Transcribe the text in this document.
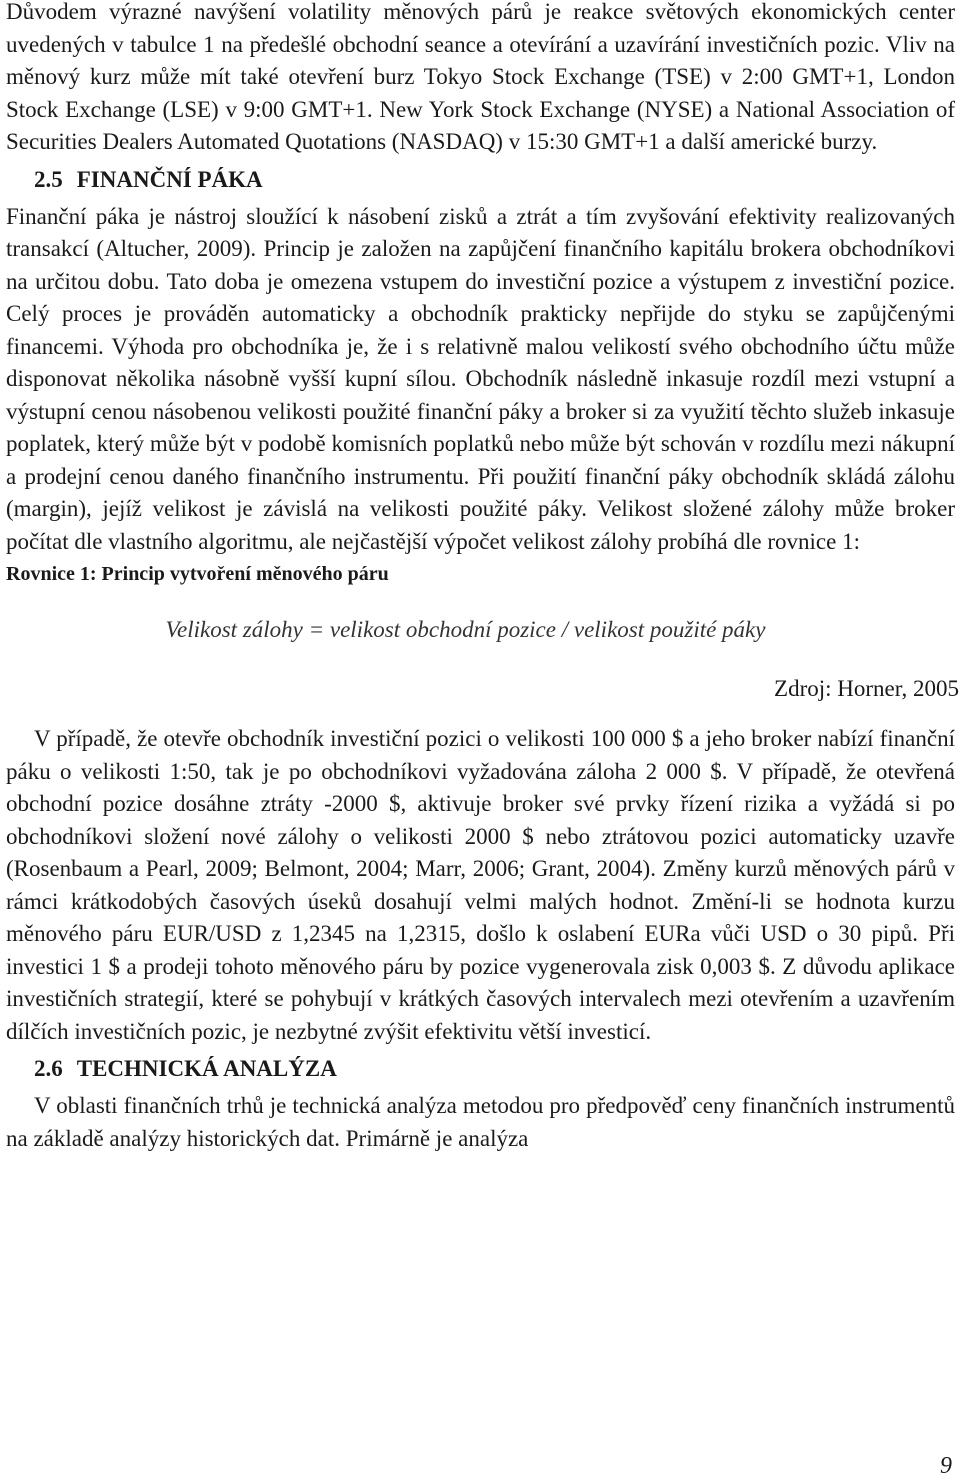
Důvodem výrazné navýšení volatility měnových párů je reakce světových ekonomických center uvedených v tabulce 1 na předešlé obchodní seance a otevírání a uzavírání investičních pozic. Vliv na měnový kurz může mít také otevření burz Tokyo Stock Exchange (TSE) v 2:00 GMT+1, London Stock Exchange (LSE) v 9:00 GMT+1. New York Stock Exchange (NYSE) a National Association of Securities Dealers Automated Quotations (NASDAQ) v 15:30 GMT+1 a další americké burzy.

2.5 FINANČNÍ PÁKA

Finanční páka je nástroj sloužící k násobení zisků a ztrát a tím zvyšování efektivity realizovaných transakcí (Altucher, 2009). Princip je založen na zapůjčení finančního kapitálu brokera obchodníkovi na určitou dobu. Tato doba je omezena vstupem do investiční pozice a výstupem z investiční pozice. Celý proces je prováděn automaticky a obchodník prakticky nepřijde do styku se zapůjčenými financemi. Výhoda pro obchodníka je, že i s relativně malou velikostí svého obchodního účtu může disponovat několika násobně vyšší kupní sílou. Obchodník následně inkasuje rozdíl mezi vstupní a výstupní cenou násobenou velikosti použité finanční páky a broker si za využití těchto služeb inkasuje poplatek, který může být v podobě komisních poplatků nebo může být schován v rozdílu mezi nákupní a prodejní cenou daného finančního instrumentu. Při použití finanční páky obchodník skládá zálohu (margin), jejíž velikost je závislá na velikosti použité páky. Velikost složené zálohy může broker počítat dle vlastního algoritmu, ale nejčastější výpočet velikost zálohy probíhá dle rovnice 1:

Rovnice 1: Princip vytvoření měnového páru
Velikost zálohy = velikost obchodní pozice / velikost použité páky
Zdroj: Horner, 2005

V případě, že otevře obchodník investiční pozici o velikosti 100 000 $ a jeho broker nabízí finanční páku o velikosti 1:50, tak je po obchodníkovi vyžadována záloha 2 000 $. V případě, že otevřená obchodní pozice dosáhne ztráty -2000 $, aktivuje broker své prvky řízení rizika a vyžádá si po obchodníkovi složení nové zálohy o velikosti 2000 $ nebo ztrátovou pozici automaticky uzavře (Rosenbaum a Pearl, 2009; Belmont, 2004; Marr, 2006; Grant, 2004). Změny kurzů měnových párů v rámci krátkodobých časových úseků dosahují velmi malých hodnot. Změní-li se hodnota kurzu měnového páru EUR/USD z 1,2345 na 1,2315, došlo k oslabení EURa vůči USD o 30 pipů. Při investici 1 $ a prodeji tohoto měnového páru by pozice vygenerovala zisk 0,003 $. Z důvodu aplikace investičních strategií, které se pohybují v krátkých časových intervalech mezi otevřením a uzavřením dílčích investičních pozic, je nezbytné zvýšit efektivitu větší investicí.

2.6 TECHNICKÁ ANALÝZA

V oblasti finančních trhů je technická analýza metodou pro předpověď ceny finančních instrumentů na základě analýzy historických dat. Primárně je analýza

9
